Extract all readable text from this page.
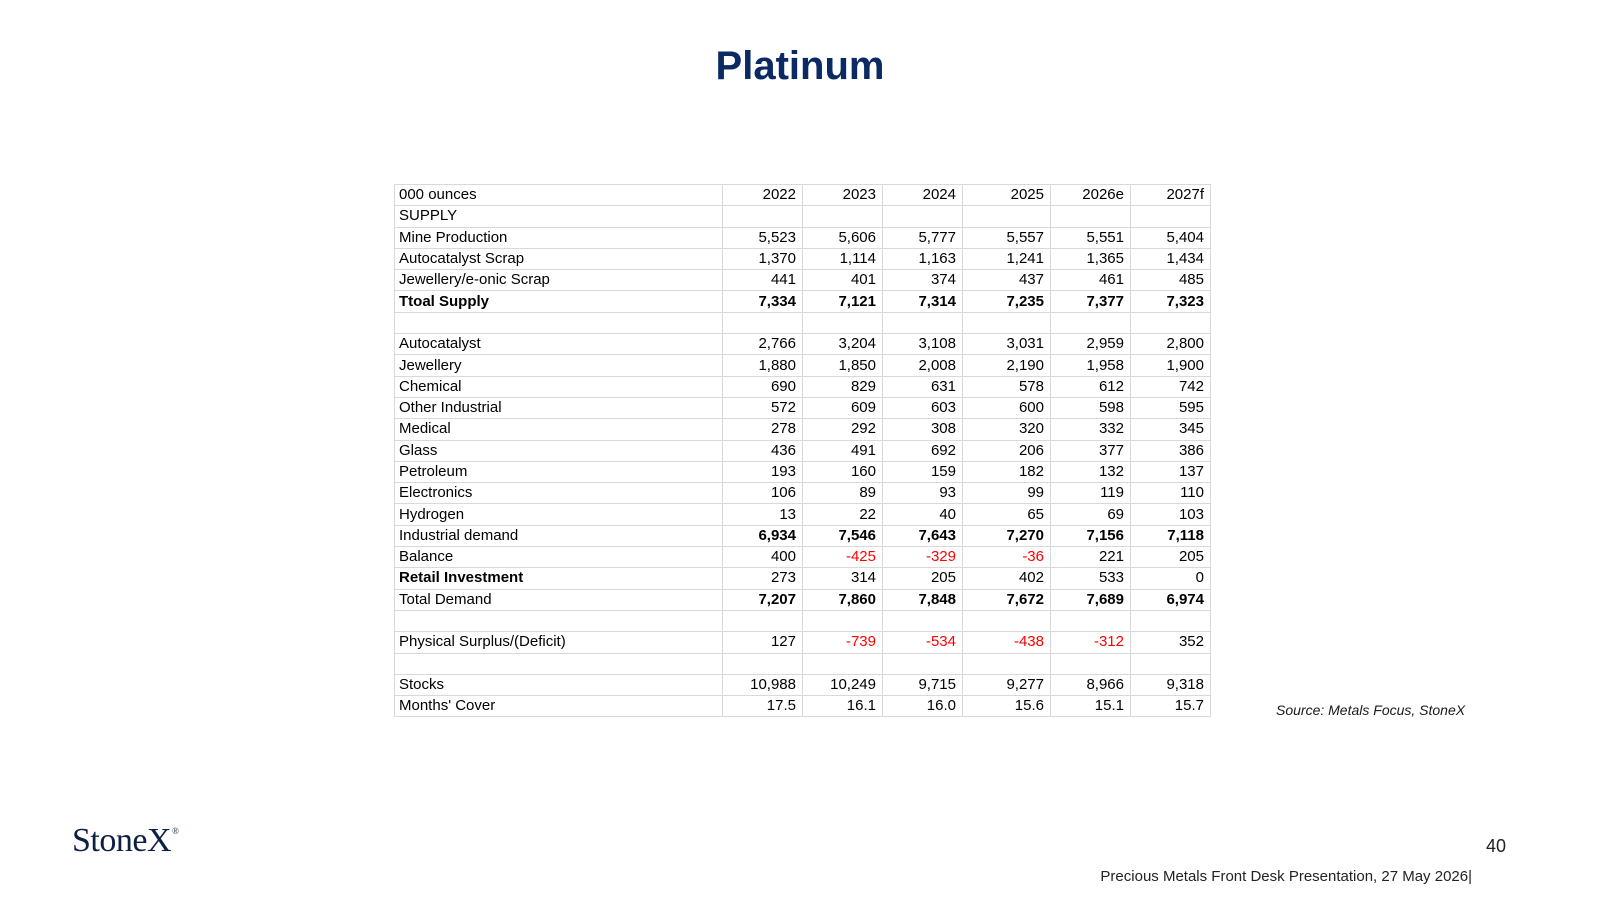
Platinum
000 ounces	2022	2023	2024	2025	2026e	2027f
SUPPLY						
Mine Production	5,523	5,606	5,777	5,557	5,551	5,404
Autocatalyst Scrap	1,370	1,114	1,163	1,241	1,365	1,434
Jewellery/e-onic Scrap	441	401	374	437	461	485
Ttoal Supply	7,334	7,121	7,314	7,235	7,377	7,323

Autocatalyst	2,766	3,204	3,108	3,031	2,959	2,800
Jewellery	1,880	1,850	2,008	2,190	1,958	1,900
Chemical	690	829	631	578	612	742
Other Industrial	572	609	603	600	598	595
Medical	278	292	308	320	332	345
Glass	436	491	692	206	377	386
Petroleum	193	160	159	182	132	137
Electronics	106	89	93	99	119	110
Hydrogen	13	22	40	65	69	103
Industrial demand	6,934	7,546	7,643	7,270	7,156	7,118
Balance	400	-425	-329	-36	221	205
Retail Investment	273	314	205	402	533	0
Total Demand	7,207	7,860	7,848	7,672	7,689	6,974

Physical Surplus/(Deficit)	127	-739	-534	-438	-312	352

Stocks	10,988	10,249	9,715	9,277	8,966	9,318
Months' Cover	17.5	16.1	16.0	15.6	15.1	15.7	Source: Metals Focus, StoneX
StoneX®
40
Precious Metals Front Desk Presentation, 27 May 2026|
